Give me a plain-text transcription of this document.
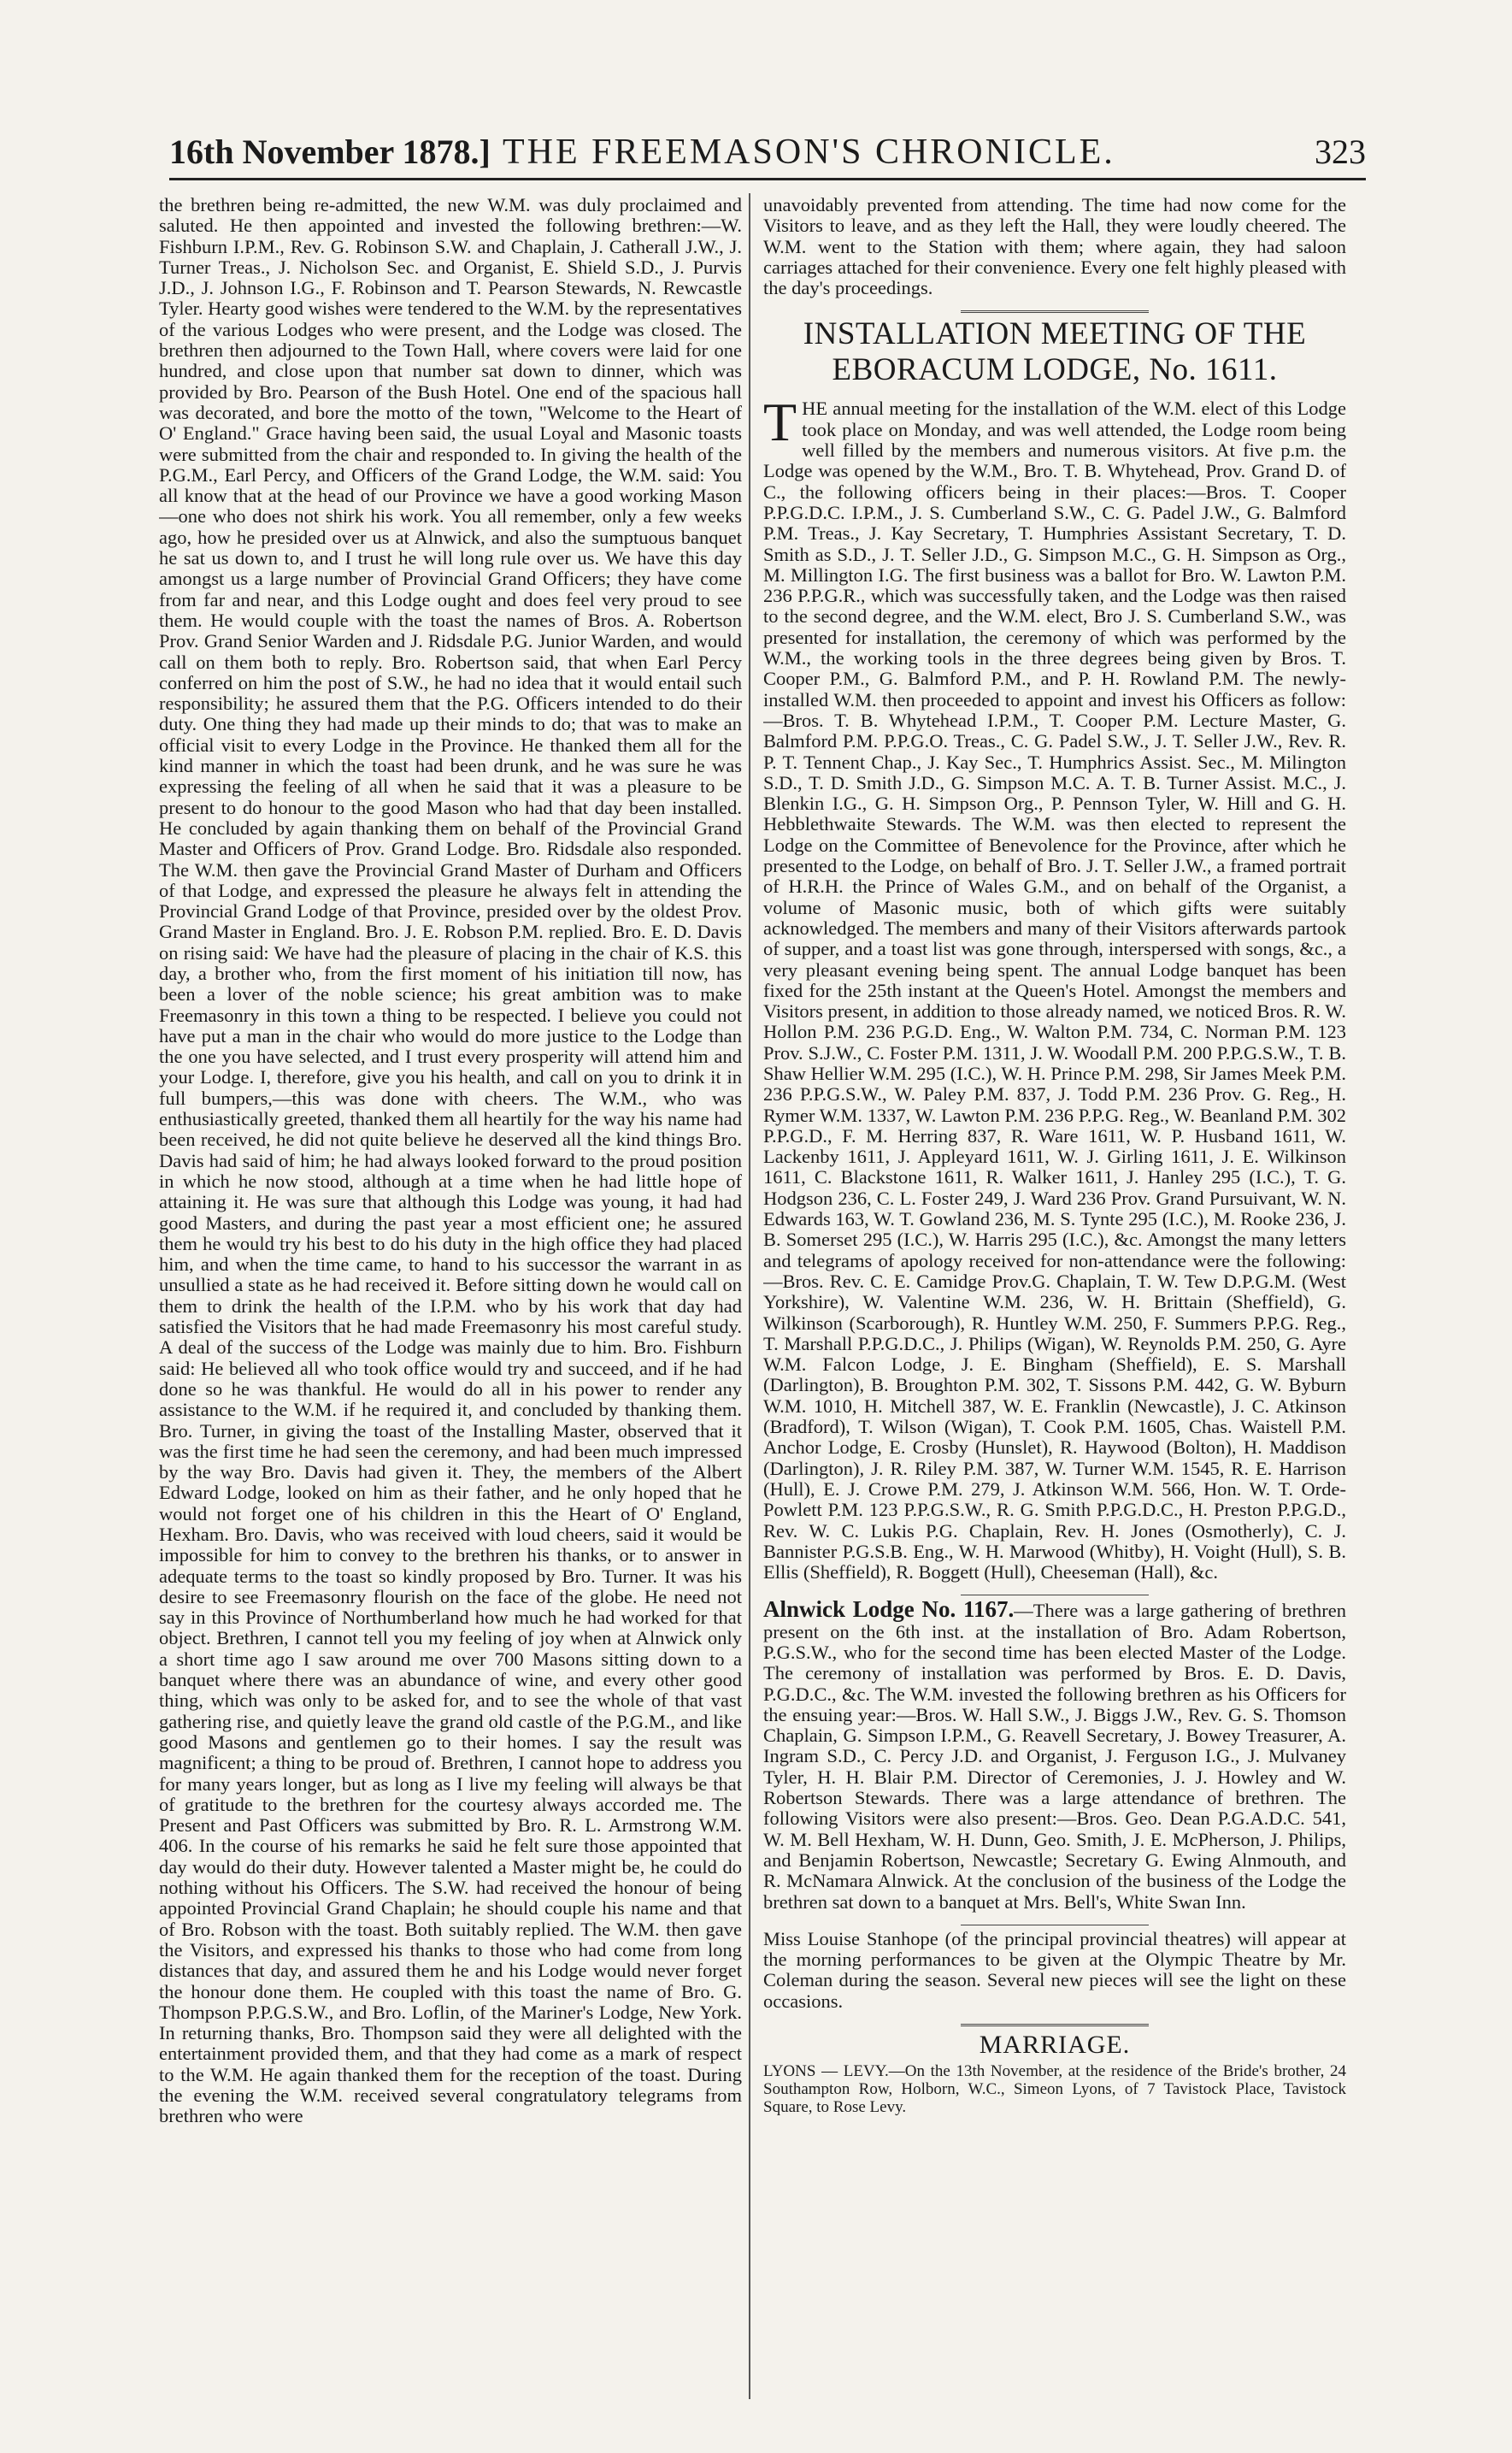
16th November 1878.] THE FREEMASON'S CHRONICLE.	323

the brethren being re-admitted, the new W.M. was duly proclaimed and saluted. He then appointed and invested the following brethren:—W. Fishburn I.P.M., Rev. G. Robinson S.W. and Chaplain, J. Catherall J.W., J. Turner Treas., J. Nicholson Sec. and Organist, E. Shield S.D., J. Purvis J.D., J. Johnson I.G., F. Robinson and T. Pearson Stewards, N. Rewcastle Tyler. Hearty good wishes were tendered to the W.M. by the representatives of the various Lodges who were present, and the Lodge was closed. The brethren then adjourned to the Town Hall, where covers were laid for one hundred, and close upon that number sat down to dinner, which was provided by Bro. Pearson of the Bush Hotel. One end of the spacious hall was decorated, and bore the motto of the town, "Welcome to the Heart of O' England." Grace having been said, the usual Loyal and Masonic toasts were submitted from the chair and responded to. In giving the health of the P.G.M., Earl Percy, and Officers of the Grand Lodge, the W.M. said: You all know that at the head of our Province we have a good working Mason—one who does not shirk his work. You all remember, only a few weeks ago, how he presided over us at Alnwick, and also the sumptuous banquet he sat us down to, and I trust he will long rule over us. We have this day amongst us a large number of Provincial Grand Officers; they have come from far and near, and this Lodge ought and does feel very proud to see them. He would couple with the toast the names of Bros. A. Robertson Prov. Grand Senior Warden and J. Ridsdale P.G. Junior Warden, and would call on them both to reply. Bro. Robertson said, that when Earl Percy conferred on him the post of S.W., he had no idea that it would entail such responsibility; he assured them that the P.G. Officers intended to do their duty. One thing they had made up their minds to do; that was to make an official visit to every Lodge in the Province. He thanked them all for the kind manner in which the toast had been drunk, and he was sure he was expressing the feeling of all when he said that it was a pleasure to be present to do honour to the good Mason who had that day been installed. He concluded by again thanking them on behalf of the Provincial Grand Master and Officers of Prov. Grand Lodge. Bro. Ridsdale also responded. The W.M. then gave the Provincial Grand Master of Durham and Officers of that Lodge, and expressed the pleasure he always felt in attending the Provincial Grand Lodge of that Province, presided over by the oldest Prov. Grand Master in England. Bro. J. E. Robson P.M. replied. Bro. E. D. Davis on rising said: We have had the pleasure of placing in the chair of K.S. this day, a brother who, from the first moment of his initiation till now, has been a lover of the noble science; his great ambition was to make Freemasonry in this town a thing to be respected. I believe you could not have put a man in the chair who would do more justice to the Lodge than the one you have selected, and I trust every prosperity will attend him and your Lodge. I, therefore, give you his health, and call on you to drink it in full bumpers,—this was done with cheers. The W.M., who was enthusiastically greeted, thanked them all heartily for the way his name had been received, he did not quite believe he deserved all the kind things Bro. Davis had said of him; he had always looked forward to the proud position in which he now stood, although at a time when he had little hope of attaining it. He was sure that although this Lodge was young, it had had good Masters, and during the past year a most efficient one; he assured them he would try his best to do his duty in the high office they had placed him, and when the time came, to hand to his successor the warrant in as unsullied a state as he had received it. Before sitting down he would call on them to drink the health of the I.P.M. who by his work that day had satisfied the Visitors that he had made Freemasonry his most careful study. A deal of the success of the Lodge was mainly due to him. Bro. Fishburn said: He believed all who took office would try and succeed, and if he had done so he was thankful. He would do all in his power to render any assistance to the W.M. if he required it, and concluded by thanking them. Bro. Turner, in giving the toast of the Installing Master, observed that it was the first time he had seen the ceremony, and had been much impressed by the way Bro. Davis had given it. They, the members of the Albert Edward Lodge, looked on him as their father, and he only hoped that he would not forget one of his children in this the Heart of O' England, Hexham. Bro. Davis, who was received with loud cheers, said it would be impossible for him to convey to the brethren his thanks, or to answer in adequate terms to the toast so kindly proposed by Bro. Turner. It was his desire to see Freemasonry flourish on the face of the globe. He need not say in this Province of Northumberland how much he had worked for that object. Brethren, I cannot tell you my feeling of joy when at Alnwick only a short time ago I saw around me over 700 Masons sitting down to a banquet where there was an abundance of wine, and every other good thing, which was only to be asked for, and to see the whole of that vast gathering rise, and quietly leave the grand old castle of the P.G.M., and like good Masons and gentlemen go to their homes. I say the result was magnificent; a thing to be proud of. Brethren, I cannot hope to address you for many years longer, but as long as I live my feeling will always be that of gratitude to the brethren for the courtesy always accorded me. The Present and Past Officers was submitted by Bro. R. L. Armstrong W.M. 406. In the course of his remarks he said he felt sure those appointed that day would do their duty. However talented a Master might be, he could do nothing without his Officers. The S.W. had received the honour of being appointed Provincial Grand Chaplain; he should couple his name and that of Bro. Robson with the toast. Both suitably replied. The W.M. then gave the Visitors, and expressed his thanks to those who had come from long distances that day, and assured them he and his Lodge would never forget the honour done them. He coupled with this toast the name of Bro. G. Thompson P.P.G.S.W., and Bro. Loflin, of the Mariner's Lodge, New York. In returning thanks, Bro. Thompson said they were all delighted with the entertainment provided them, and that they had come as a mark of respect to the W.M. He again thanked them for the reception of the toast. During the evening the W.M. received several congratulatory telegrams from brethren who were

unavoidably prevented from attending. The time had now come for the Visitors to leave, and as they left the Hall, they were loudly cheered. The W.M. went to the Station with them; where again, they had saloon carriages attached for their convenience. Every one felt highly pleased with the day's proceedings.

INSTALLATION MEETING OF THE EBORACUM LODGE, No. 1611.

THE annual meeting for the installation of the W.M. elect of this Lodge took place on Monday, and was well attended, the Lodge room being well filled by the members and numerous visitors. At five p.m. the Lodge was opened by the W.M., Bro. T. B. Whytehead, Prov. Grand D. of C., the following officers being in their places:—Bros. T. Cooper P.P.G.D.C. I.P.M., J. S. Cumberland S.W., C. G. Padel J.W., G. Balmford P.M. Treas., J. Kay Secretary, T. Humphries Assistant Secretary, T. D. Smith as S.D., J. T. Seller J.D., G. Simpson M.C., G. H. Simpson as Org., M. Millington I.G. The first business was a ballot for Bro. W. Lawton P.M. 236 P.P.G.R., which was successfully taken, and the Lodge was then raised to the second degree, and the W.M. elect, Bro J. S. Cumberland S.W., was presented for installation, the ceremony of which was performed by the W.M., the working tools in the three degrees being given by Bros. T. Cooper P.M., G. Balmford P.M., and P. H. Rowland P.M. The newly-installed W.M. then proceeded to appoint and invest his Officers as follow:—Bros. T. B. Whytehead I.P.M., T. Cooper P.M. Lecture Master, G. Balmford P.M. P.P.G.O. Treas., C. G. Padel S.W., J. T. Seller J.W., Rev. R. P. T. Tennent Chap., J. Kay Sec., T. Humphrics Assist. Sec., M. Milington S.D., T. D. Smith J.D., G. Simpson M.C. A. T. B. Turner Assist. M.C., J. Blenkin I.G., G. H. Simpson Org., P. Pennson Tyler, W. Hill and G. H. Hebblethwaite Stewards. The W.M. was then elected to represent the Lodge on the Committee of Benevolence for the Province, after which he presented to the Lodge, on behalf of Bro. J. T. Seller J.W., a framed portrait of H.R.H. the Prince of Wales G.M., and on behalf of the Organist, a volume of Masonic music, both of which gifts were suitably acknowledged. The members and many of their Visitors afterwards partook of supper, and a toast list was gone through, interspersed with songs, &c., a very pleasant evening being spent. The annual Lodge banquet has been fixed for the 25th instant at the Queen's Hotel. Amongst the members and Visitors present, in addition to those already named, we noticed Bros. R. W. Hollon P.M. 236 P.G.D. Eng., W. Walton P.M. 734, C. Norman P.M. 123 Prov. S.J.W., C. Foster P.M. 1311, J. W. Woodall P.M. 200 P.P.G.S.W., T. B. Shaw Hellier W.M. 295 (I.C.), W. H. Prince P.M. 298, Sir James Meek P.M. 236 P.P.G.S.W., W. Paley P.M. 837, J. Todd P.M. 236 Prov. G. Reg., H. Rymer W.M. 1337, W. Lawton P.M. 236 P.P.G. Reg., W. Beanland P.M. 302 P.P.G.D., F. M. Herring 837, R. Ware 1611, W. P. Husband 1611, W. Lackenby 1611, J. Appleyard 1611, W. J. Girling 1611, J. E. Wilkinson 1611, C. Blackstone 1611, R. Walker 1611, J. Hanley 295 (I.C.), T. G. Hodgson 236, C. L. Foster 249, J. Ward 236 Prov. Grand Pursuivant, W. N. Edwards 163, W. T. Gowland 236, M. S. Tynte 295 (I.C.), M. Rooke 236, J. B. Somerset 295 (I.C.), W. Harris 295 (I.C.), &c. Amongst the many letters and telegrams of apology received for non-attendance were the following:—Bros. Rev. C. E. Camidge Prov.G. Chaplain, T. W. Tew D.P.G.M. (West Yorkshire), W. Valentine W.M. 236, W. H. Brittain (Sheffield), G. Wilkinson (Scarborough), R. Huntley W.M. 250, F. Summers P.P.G. Reg., T. Marshall P.P.G.D.C., J. Philips (Wigan), W. Reynolds P.M. 250, G. Ayre W.M. Falcon Lodge, J. E. Bingham (Sheffield), E. S. Marshall (Darlington), B. Broughton P.M. 302, T. Sissons P.M. 442, G. W. Byburn W.M. 1010, H. Mitchell 387, W. E. Franklin (Newcastle), J. C. Atkinson (Bradford), T. Wilson (Wigan), T. Cook P.M. 1605, Chas. Waistell P.M. Anchor Lodge, E. Crosby (Hunslet), R. Haywood (Bolton), H. Maddison (Darlington), J. R. Riley P.M. 387, W. Turner W.M. 1545, R. E. Harrison (Hull), E. J. Crowe P.M. 279, J. Atkinson W.M. 566, Hon. W. T. Orde-Powlett P.M. 123 P.P.G.S.W., R. G. Smith P.P.G.D.C., H. Preston P.P.G.D., Rev. W. C. Lukis P.G. Chaplain, Rev. H. Jones (Osmotherly), C. J. Bannister P.G.S.B. Eng., W. H. Marwood (Whitby), H. Voight (Hull), S. B. Ellis (Sheffield), R. Boggett (Hull), Cheeseman (Hall), &c.

Alnwick Lodge No. 1167.—There was a large gathering of brethren present on the 6th inst. at the installation of Bro. Adam Robertson, P.G.S.W., who for the second time has been elected Master of the Lodge. The ceremony of installation was performed by Bros. E. D. Davis, P.G.D.C., &c. The W.M. invested the following brethren as his Officers for the ensuing year:—Bros. W. Hall S.W., J. Biggs J.W., Rev. G. S. Thomson Chaplain, G. Simpson I.P.M., G. Reavell Secretary, J. Bowey Treasurer, A. Ingram S.D., C. Percy J.D. and Organist, J. Ferguson I.G., J. Mulvaney Tyler, H. H. Blair P.M. Director of Ceremonies, J. J. Howley and W. Robertson Stewards. There was a large attendance of brethren. The following Visitors were also present:—Bros. Geo. Dean P.G.A.D.C. 541, W. M. Bell Hexham, W. H. Dunn, Geo. Smith, J. E. McPherson, J. Philips, and Benjamin Robertson, Newcastle; Secretary G. Ewing Alnmouth, and R. McNamara Alnwick. At the conclusion of the business of the Lodge the brethren sat down to a banquet at Mrs. Bell's, White Swan Inn.

Miss Louise Stanhope (of the principal provincial theatres) will appear at the morning performances to be given at the Olympic Theatre by Mr. Coleman during the season. Several new pieces will see the light on these occasions.

MARRIAGE.

LYONS — LEVY.—On the 13th November, at the residence of the Bride's brother, 24 Southampton Row, Holborn, W.C., Simeon Lyons, of 7 Tavistock Place, Tavistock Square, to Rose Levy.
